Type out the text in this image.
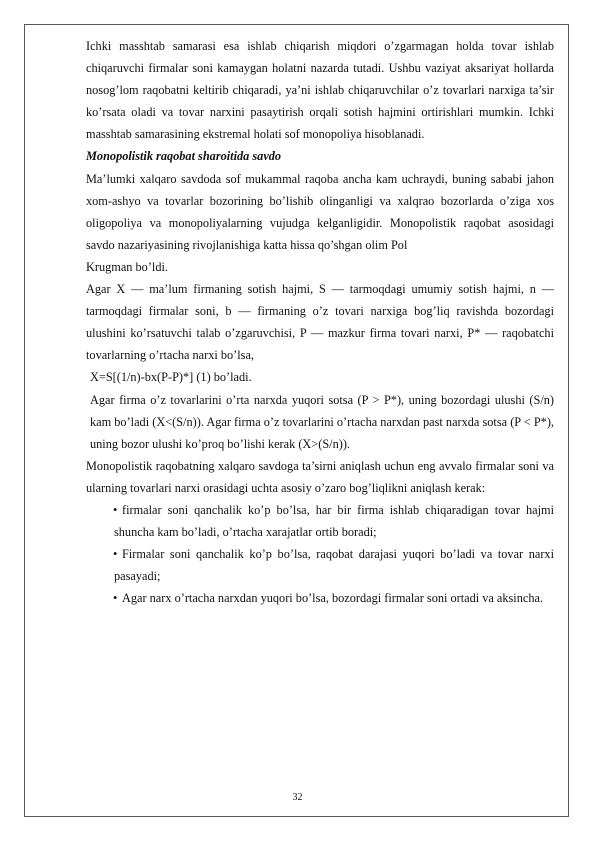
Ichki masshtab samarasi esa ishlab chiqarish miqdori o’zgarmagan holda tovar ishlab chiqaruvchi firmalar soni kamaygan holatni nazarda tutadi. Ushbu vaziyat aksariyat hollarda nosog’lom raqobatni keltirib chiqaradi, ya’ni ishlab chiqaruvchilar o’z tovarlari narxiga ta’sir ko’rsata oladi va tovar narxini pasaytirish orqali sotish hajmini ortirishlari mumkin. Ichki masshtab samarasining ekstremal holati sof monopoliya hisoblanadi.

Monopolistik raqobat sharoitida savdo

Ma’lumki xalqaro savdoda sof mukammal raqoba ancha kam uchraydi, buning sababi jahon xom-ashyo va tovarlar bozorining bo’lishib olinganligi va xalqrao bozorlarda o’ziga xos oligopoliya va monopoliyalarning vujudga kelganligidir. Monopolistik raqobat asosidagi savdo nazariyasining rivojlanishiga katta hissa qo’shgan olim Pol

Krugman bo’ldi.

Agar X — ma’lum firmaning sotish hajmi, S — tarmoqdagi umumiy sotish hajmi, n — tarmoqdagi firmalar soni, b — firmaning o’z tovari narxiga bog’liq ravishda bozordagi ulushini ko’rsatuvchi talab o’zgaruvchisi, P — mazkur firma tovari narxi, P* — raqobatchi tovarlarning o’rtacha narxi bo’lsa,

X=S[(1/n)-bx(P-P)*] (1) bo’ladi.

Agar firma o’z tovarlarini o’rta narxda yuqori sotsa (P > P*), uning bozordagi ulushi (S/n) kam bo’ladi (X<(S/n)). Agar firma o’z tovarlarini o’rtacha narxdan past narxda sotsa (P < P*), uning bozor ulushi ko’proq bo’lishi kerak (X>(S/n)).

Monopolistik raqobatning xalqaro savdoga ta’sirni aniqlash uchun eng avvalo firmalar soni va ularning tovarlari narxi orasidagi uchta asosiy o’zaro bog’liqlikni aniqlash kerak:

• firmalar soni qanchalik ko’p bo’lsa, har bir firma ishlab chiqaradigan tovar hajmi shuncha kam bo’ladi, o’rtacha xarajatlar ortib boradi;

• Firmalar soni qanchalik ko’p bo’lsa, raqobat darajasi yuqori bo’ladi va tovar narxi pasayadi;

• Agar narx o’rtacha narxdan yuqori bo’lsa, bozordagi firmalar soni ortadi va aksincha.

32
